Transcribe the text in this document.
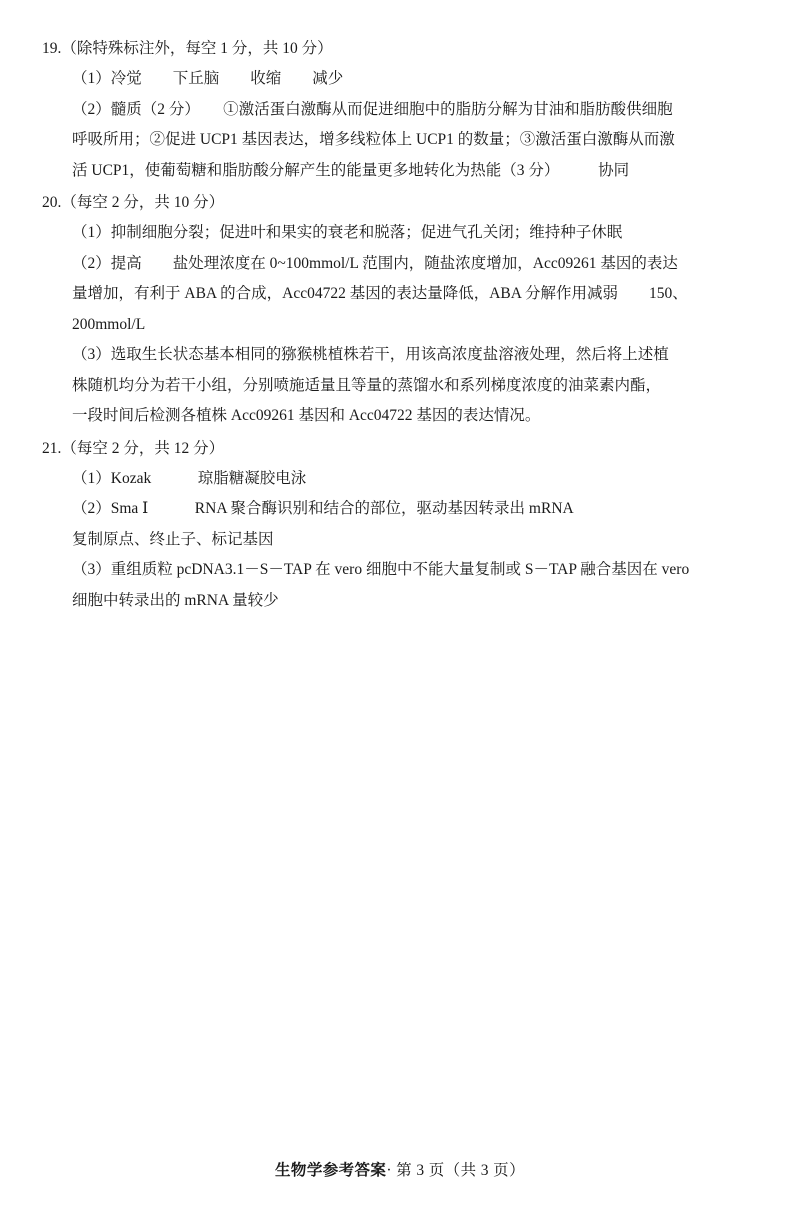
19.（除特殊标注外，每空 1 分，共 10 分）
（1）冷觉　　下丘脑　　收缩　　减少
（2）髓质（2 分）　　①激活蛋白激酶从而促进细胞中的脂肪分解为甘油和脂肪酸供细胞
呼吸所用；②促进 UCP1 基因表达，增多线粒体上 UCP1 的数量；③激活蛋白激酶从而激
活 UCP1，使葡萄糖和脂肪酸分解产生的能量更多地转化为热能（3 分）　　　协同
20.（每空 2 分，共 10 分）
（1）抑制细胞分裂；促进叶和果实的衰老和脱落；促进气孔关闭；维持种子休眠
（2）提高　　盐处理浓度在 0~100mmol/L 范围内，随盐浓度增加，Acc09261 基因的表达
量增加，有利于 ABA 的合成，Acc04722 基因的表达量降低，ABA 分解作用减弱　　150、
200mmol/L
（3）选取生长状态基本相同的猕猴桃植株若干，用该高浓度盐溶液处理，然后将上述植
株随机均分为若干小组，分别喷施适量且等量的蒸馏水和系列梯度浓度的油菜素内酯，
一段时间后检测各植株 Acc09261 基因和 Acc04722 基因的表达情况。
21.（每空 2 分，共 12 分）
（1）Kozak　　　琼脂糖凝胶电泳
（2）Sma Ⅰ　　　RNA 聚合酶识别和结合的部位，驱动基因转录出 mRNA
复制原点、终止子、标记基因
（3）重组质粒 pcDNA3.1－S－TAP 在 vero 细胞中不能大量复制或 S－TAP 融合基因在 vero
细胞中转录出的 mRNA 量较少
生物学参考答案· 第 3 页（共 3 页）
